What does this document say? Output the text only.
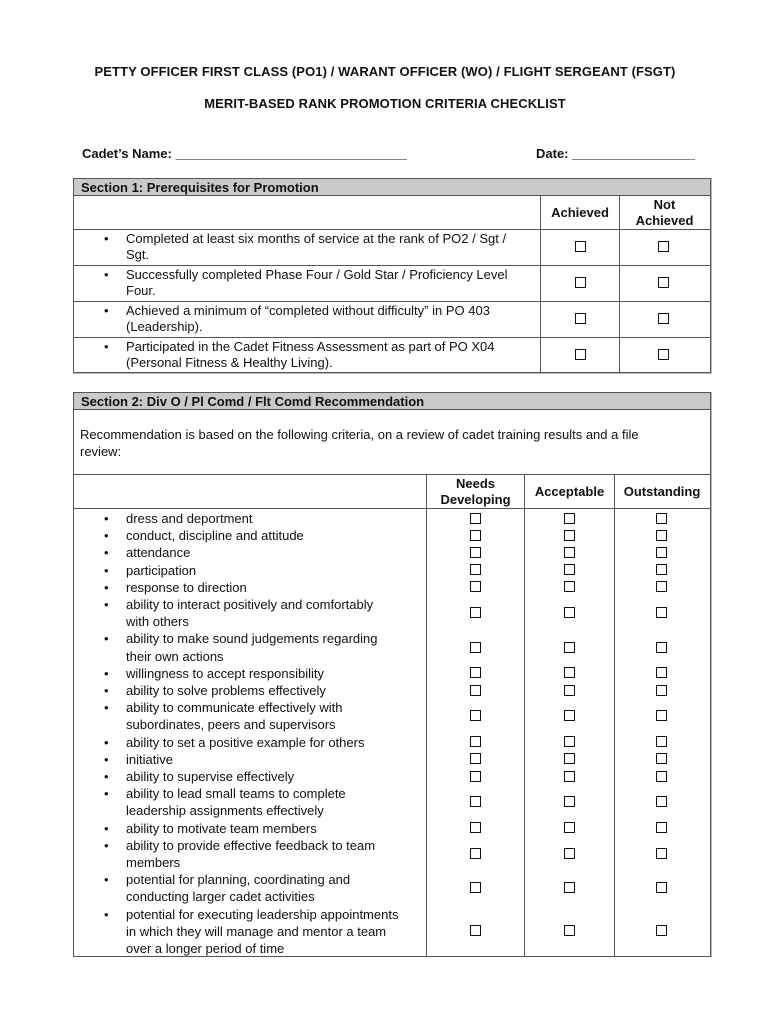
PETTY OFFICER FIRST CLASS (PO1) / WARANT OFFICER (WO) / FLIGHT SERGEANT (FSGT)
MERIT-BASED RANK PROMOTION CRITERIA CHECKLIST
Cadet’s Name: ________________________________	Date: _________________
Section 1: Prerequisites for Promotion
Achieved
Not
Achieved
• Completed at least six months of service at the rank of PO2 / Sgt /
Sgt.
• Successfully completed Phase Four / Gold Star / Proficiency Level
Four.
• Achieved a minimum of “completed without difficulty” in PO 403
(Leadership).
• Participated in the Cadet Fitness Assessment as part of PO X04
(Personal Fitness & Healthy Living).
Section 2: Div O / Pl Comd / Flt Comd Recommendation
Recommendation is based on the following criteria, on a review of cadet training results and a file
review:
Needs
Developing
Acceptable	Outstanding
• dress and deportment
• conduct, discipline and attitude
• attendance
• participation
• response to direction
• ability to interact positively and comfortably
with others
• ability to make sound judgements regarding
their own actions
• willingness to accept responsibility
• ability to solve problems effectively
• ability to communicate effectively with
subordinates, peers and supervisors
• ability to set a positive example for others
• initiative
• ability to supervise effectively
• ability to lead small teams to complete
leadership assignments effectively
• ability to motivate team members
• ability to provide effective feedback to team
members
• potential for planning, coordinating and
conducting larger cadet activities
• potential for executing leadership appointments
in which they will manage and mentor a team
over a longer period of time
